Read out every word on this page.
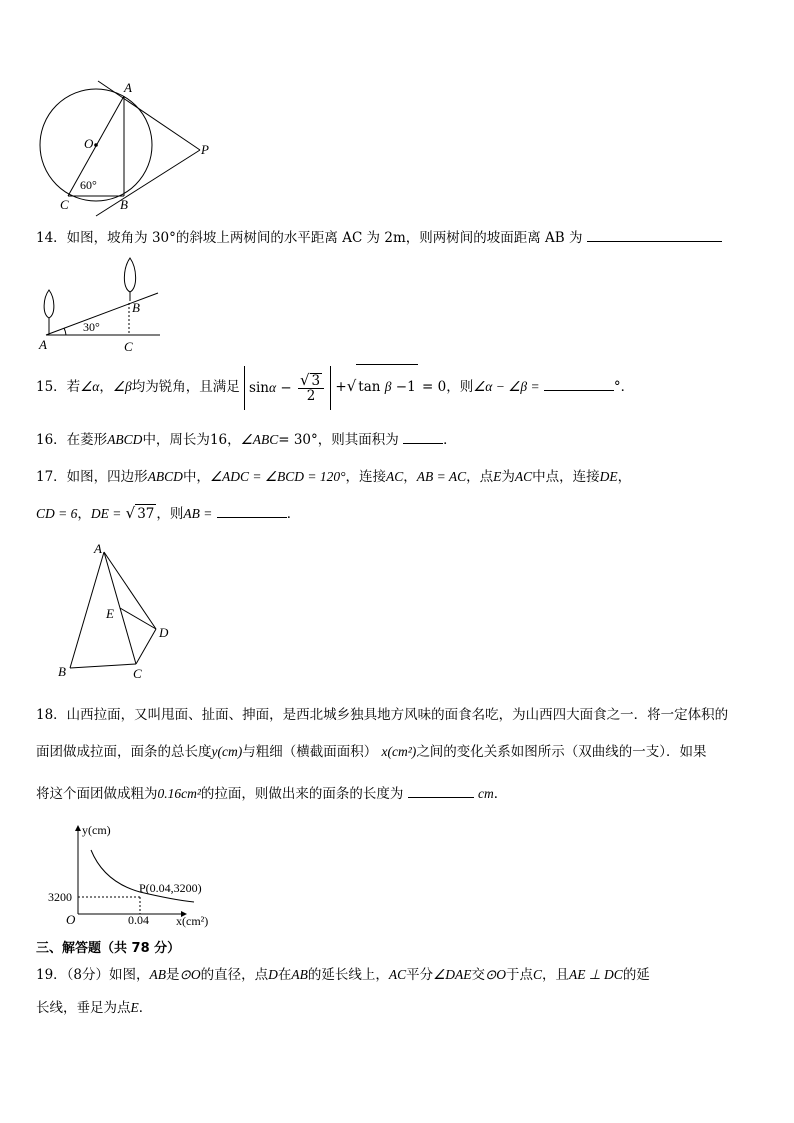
A
O	P
C	B
60°
14．如图，坡角为 30°的斜坡上两树间的水平距离 AC 为 2m，则两树间的坡面距离 AB 为
30°
A
B
C
15．若∠α，∠β均为锐角，且满足 $\sin\alpha - \frac{√ 3}{2}$ +√ tan β −1 = 0，则∠α − ∠β =	°．
16．在菱形ABCD中，周长为16，∠ABC= 30°，则其面积为	．
17．如图，四边形ABCD中，∠ADC = ∠BCD = 120°，连接AC，AB = AC，点E为AC中点，连接DE，
CD = 6，DE = √ 37 ，则AB =	．
A
E
D
B	C
18．山西拉面，又叫甩面、扯面、抻面，是西北城乡独具地方风味的面食名吃，为山西四大面食之一．将一定体积的
面团做成拉面，面条的总长度y(cm)与粗细（横截面面积） x(cm²)之间的变化关系如图所示（双曲线的一支）．如果
将这个面团做成粗为0.16cm²的拉面，则做出来的面条的长度为	cm．
y(cm)
x(cm²)
O
3200
0.04
P(0.04,3200)
三、解答题（共 78 分）
19．（8分）如图，AB是⊙O的直径，点D在AB的延长线上，AC平分∠DAE交⊙O于点C，且AE ⊥ DC的延
长线，垂足为点E．
